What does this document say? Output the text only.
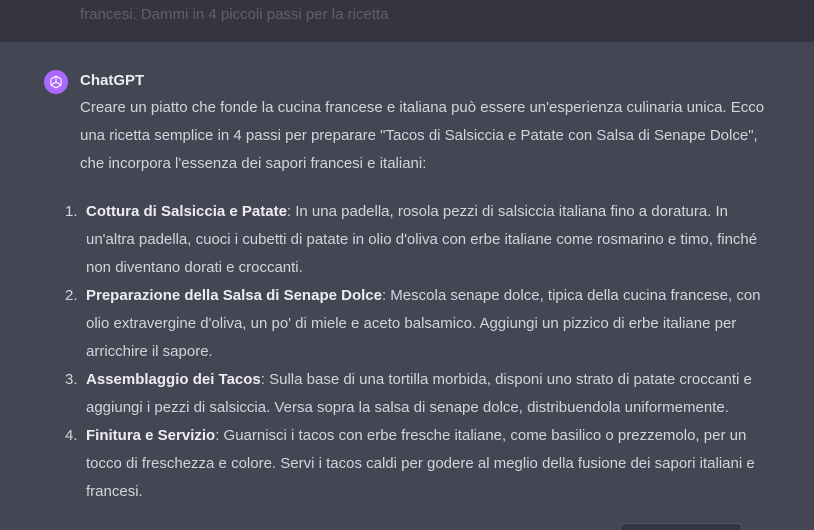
francesi. Dammi in 4 piccoli passi per la ricetta
ChatGPT

Creare un piatto che fonde la cucina francese e italiana può essere un'esperienza culinaria unica. Ecco una ricetta semplice in 4 passi per preparare "Tacos di Salsiccia e Patate con Salsa di Senape Dolce", che incorpora l'essenza dei sapori francesi e italiani:

1. Cottura di Salsiccia e Patate: In una padella, rosola pezzi di salsiccia italiana fino a doratura. In un'altra padella, cuoci i cubetti di patate in olio d'oliva con erbe italiane come rosmarino e timo, finché non diventano dorati e croccanti.
2. Preparazione della Salsa di Senape Dolce: Mescola senape dolce, tipica della cucina francese, con olio extravergine d'oliva, un po' di miele e aceto balsamico. Aggiungi un pizzico di erbe italiane per arricchire il sapore.
3. Assemblaggio dei Tacos: Sulla base di una tortilla morbida, disponi uno strato di patate croccanti e aggiungi i pezzi di salsiccia. Versa sopra la salsa di senape dolce, distribuendola uniformemente.
4. Finitura e Servizio: Guarnisci i tacos con erbe fresche italiane, come basilico o prezzemolo, per un tocco di freschezza e colore. Servi i tacos caldi per godere al meglio della fusione dei sapori italiani e francesi.
